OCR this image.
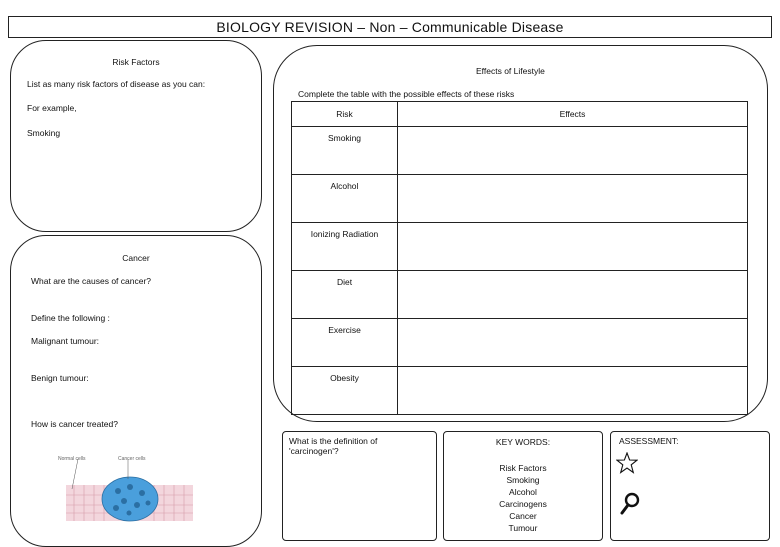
BIOLOGY REVISION – Non – Communicable Disease
Risk Factors
List as many risk factors of disease as you can:
For example,
Smoking
Cancer
What are the causes of cancer?
Define the following :
Malignant tumour:
Benign tumour:
How is cancer treated?
Normal cells	Cancer cells
Effects of Lifestyle
Complete the table with the possible effects of these risks
Risk	Effects
Smoking	
Alcohol	
Ionizing Radiation	
Diet	
Exercise	
Obesity	
What is the definition of 'carcinogen'?
KEY WORDS:
Risk Factors
Smoking
Alcohol
Carcinogens
Cancer
Tumour
ASSESSMENT:
